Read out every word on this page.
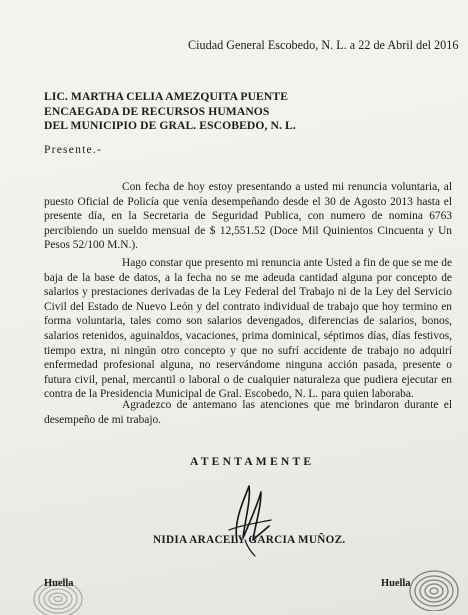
Ciudad General Escobedo, N. L. a 22 de Abril del 2016
LIC. MARTHA CELIA AMEZQUITA PUENTE
ENCAEGADA DE RECURSOS HUMANOS
DEL MUNICIPIO DE GRAL. ESCOBEDO, N. L.
Presente.-
Con fecha de hoy estoy presentando a usted mi renuncia voluntaria, al puesto Oficial de Policía que venía desempeñando desde el 30 de Agosto 2013 hasta el presente día, en la Secretaria de Seguridad Publica, con numero de nomina 6763 percibiendo un sueldo mensual de $ 12,551.52 (Doce Mil Quinientos Cincuenta y Un Pesos 52/100 M.N.).
Hago constar que presento mi renuncia ante Usted a fin de que se me de baja de la base de datos, a la fecha no se me adeuda cantidad alguna por concepto de salarios y prestaciones derivadas de la Ley Federal del Trabajo ni de la Ley del Servicio Civil del Estado de Nuevo León y del contrato individual de trabajo que hoy termino en forma voluntaria, tales como son salarios devengados, diferencias de salarios, bonos, salarios retenidos, aguinaldos, vacaciones, prima dominical, séptimos días, días festivos, tiempo extra, ni ningún otro concepto y que no sufrí accidente de trabajo no adquirí enfermedad profesional alguna, no reservándome ninguna acción pasada, presente o futura civil, penal, mercantil o laboral o de cualquier naturaleza que pudiera ejecutar en contra de la Presidencia Municipal de Gral. Escobedo, N. L. para quien laboraba.
Agradezco de antemano las atenciones que me brindaron durante el desempeño de mi trabajo.
ATENTAMENTE
NIDIA ARACELY GARCIA MUÑOZ.
Huella	Huella
